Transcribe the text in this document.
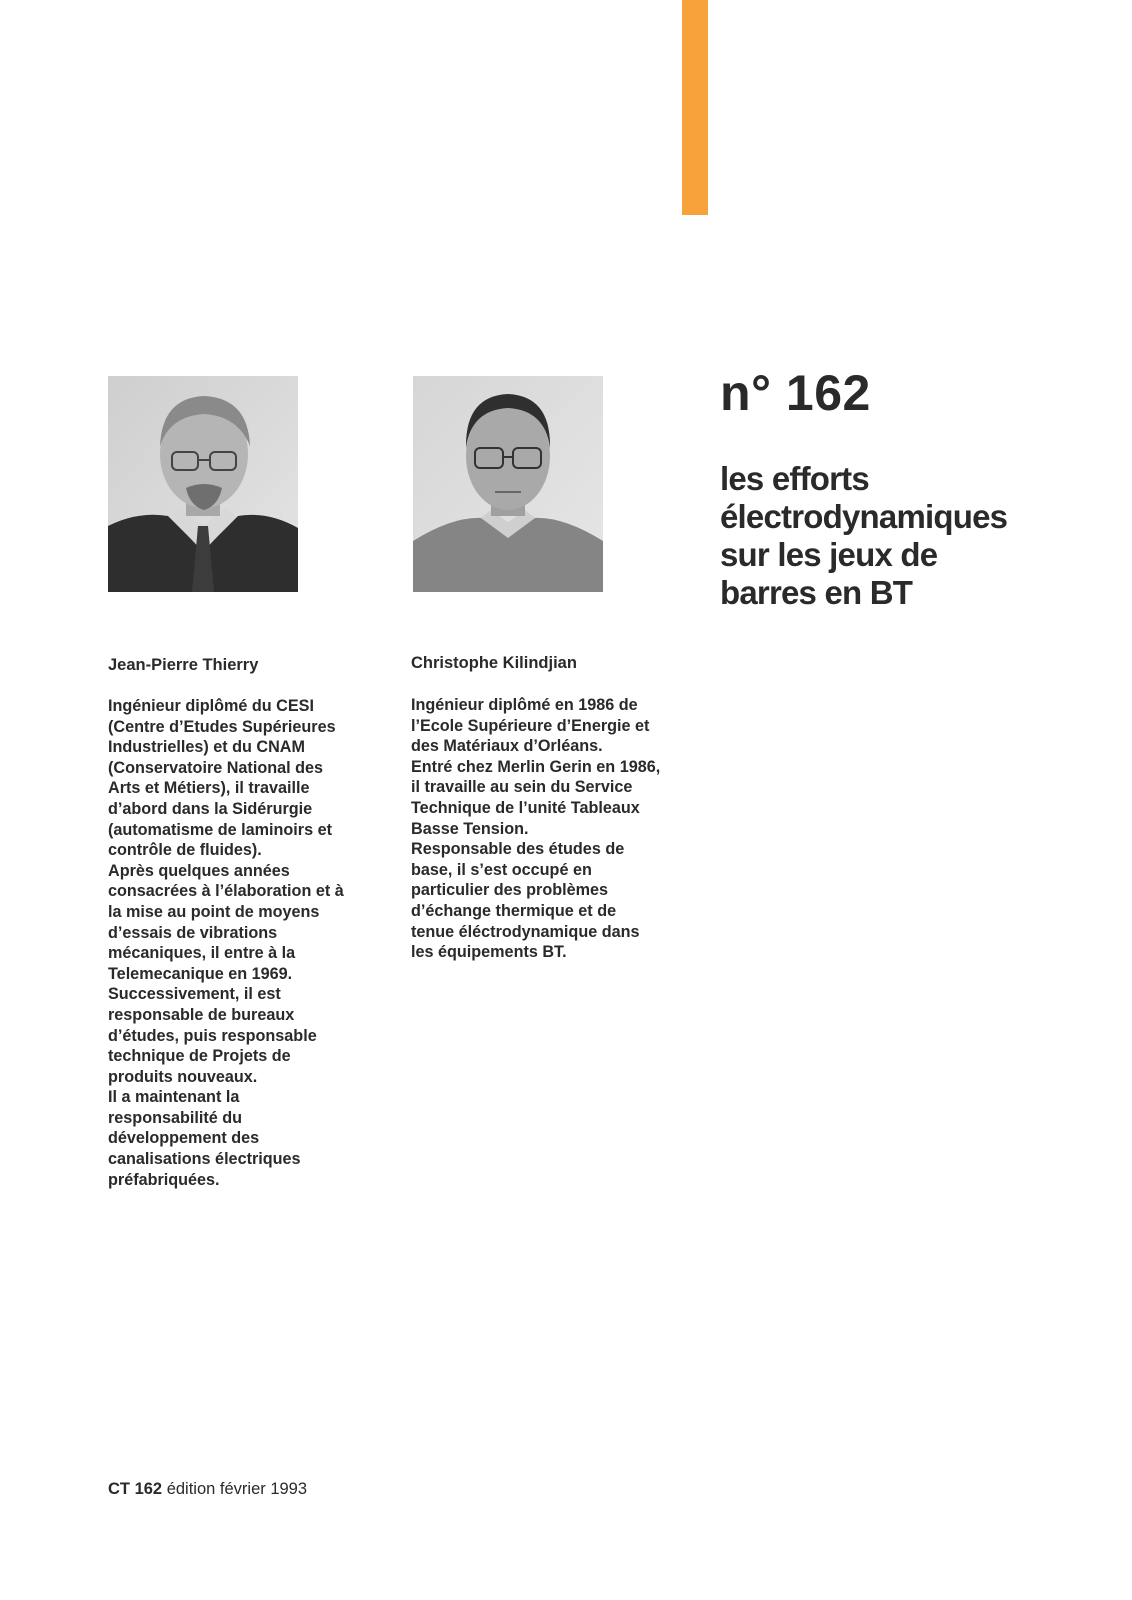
n° 162
les efforts
électrodynamiques
sur les jeux de
barres en BT
Jean-Pierre Thierry	Christophe Kilindjian
Ingénieur diplômé du CESI
(Centre d’Etudes Supérieures
Industrielles) et du CNAM
(Conservatoire National des
Arts et Métiers), il travaille
d’abord dans la Sidérurgie
(automatisme de laminoirs et
contrôle de fluides).
Après quelques années
consacrées à l’élaboration et à
la mise au point de moyens
d’essais de vibrations
mécaniques, il entre à la
Telemecanique en 1969.
Successivement, il est
responsable de bureaux
d’études, puis responsable
technique de Projets de
produits nouveaux.
Il a maintenant la
responsabilité du
développement des
canalisations électriques
préfabriquées.
Ingénieur diplômé en 1986 de
l’Ecole Supérieure d’Energie et
des Matériaux d’Orléans.
Entré chez Merlin Gerin en 1986,
il travaille au sein du Service
Technique de l’unité Tableaux
Basse Tension.
Responsable des études de
base, il s’est occupé en
particulier des problèmes
d’échange thermique et de
tenue éléctrodynamique dans
les équipements BT.
CT 162 édition février 1993
